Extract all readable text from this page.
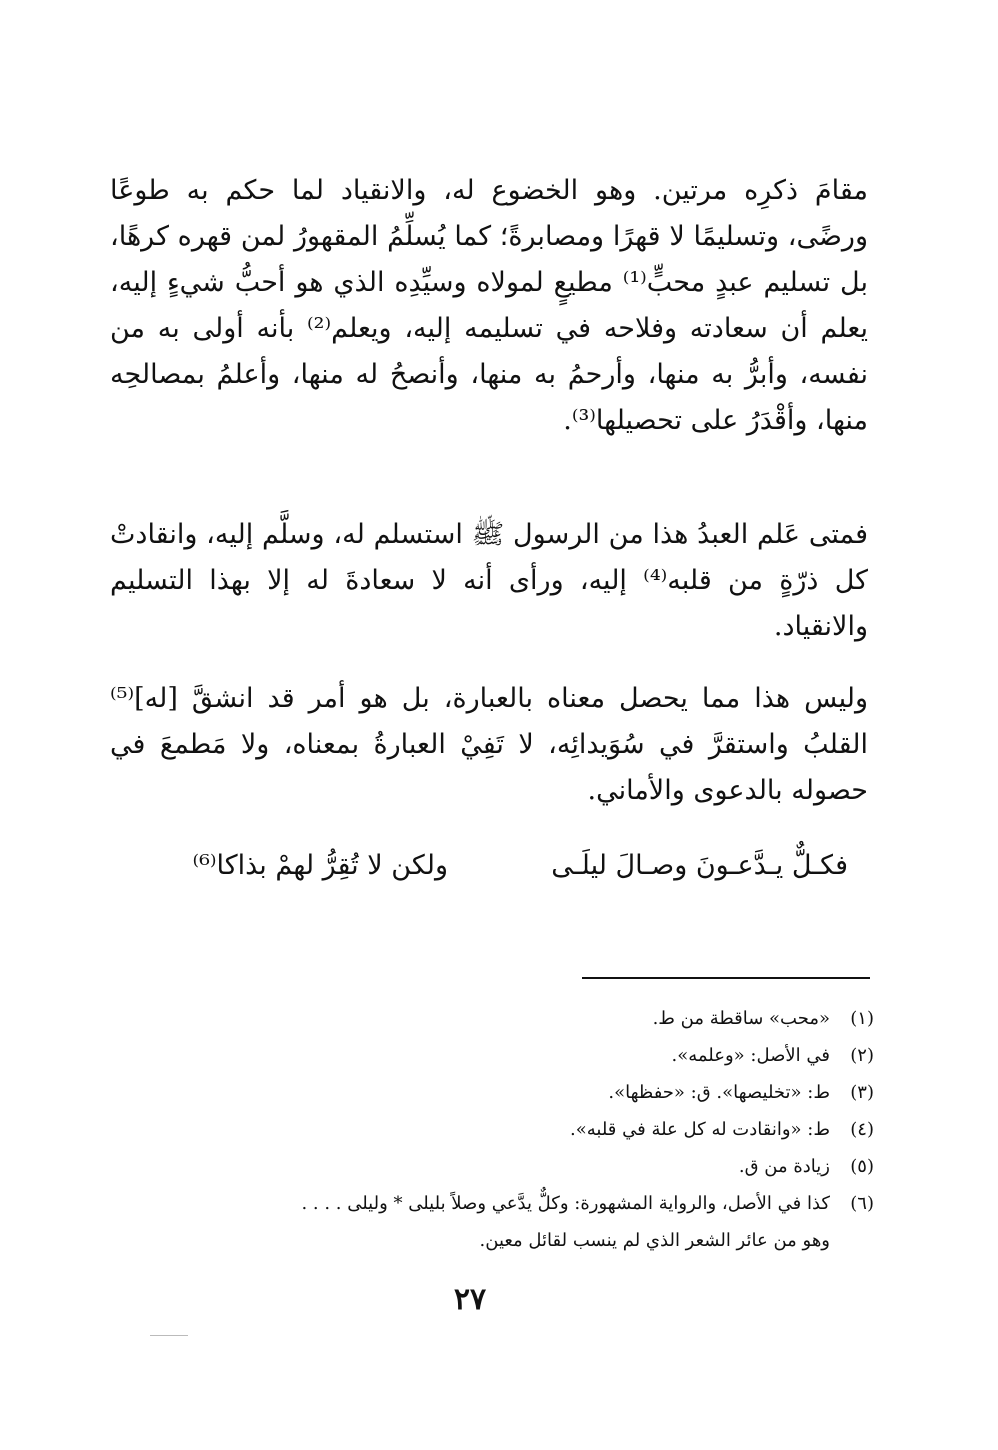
مقامَ ذكرِه مرتين. وهو الخضوع له، والانقياد لما حكم به طوعًا ورضًى، وتسليمًا لا قهرًا ومصابرةً؛ كما يُسلِّمُ المقهورُ لمن قهره كرهًا، بل تسليم عبدٍ محبٍّ⁽¹⁾ مطيعٍ لمولاه وسيِّدِه الذي هو أحبُّ شيءٍ إليه، يعلم أن سعادته وفلاحه في تسليمه إليه، ويعلم⁽²⁾ بأنه أولى به من نفسه، وأبرُّ به منها، وأرحمُ به منها، وأنصحُ له منها، وأعلمُ بمصالحِه منها، وأقْدَرُ على تحصيلها⁽³⁾.

فمتى عَلم العبدُ هذا من الرسول ﷺ استسلم له، وسلَّم إليه، وانقادتْ كل ذرّةٍ من قلبه⁽⁴⁾ إليه، ورأى أنه لا سعادةَ له إلا بهذا التسليم والانقياد.

وليس هذا مما يحصل معناه بالعبارة، بل هو أمر قد انشقَّ [له]⁽⁵⁾ القلبُ واستقرَّ في سُوَيدائِه، لا تَفِيْ العبارةُ بمعناه، ولا مَطمعَ في حصوله بالدعوى والأماني.

فكـلٌّ يـدَّعـونَ وصـالَ ليلَـى
ولكن لا تُقِرُّ لهمْ بذاكا⁽⁶⁾
(١)
«محب» ساقطة من ط.
(٢)
في الأصل: «وعلمه».
(٣)
ط: «تخليصها». ق: «حفظها».
(٤)
ط: «وانقادت له كل علة في قلبه».
(٥)
زيادة من ق.
(٦)
كذا في الأصل، والرواية المشهورة: وكلٌّ يدَّعي وصلاً بليلى * وليلى . . . .
وهو من عائر الشعر الذي لم ينسب لقائل معين.
٢٧
